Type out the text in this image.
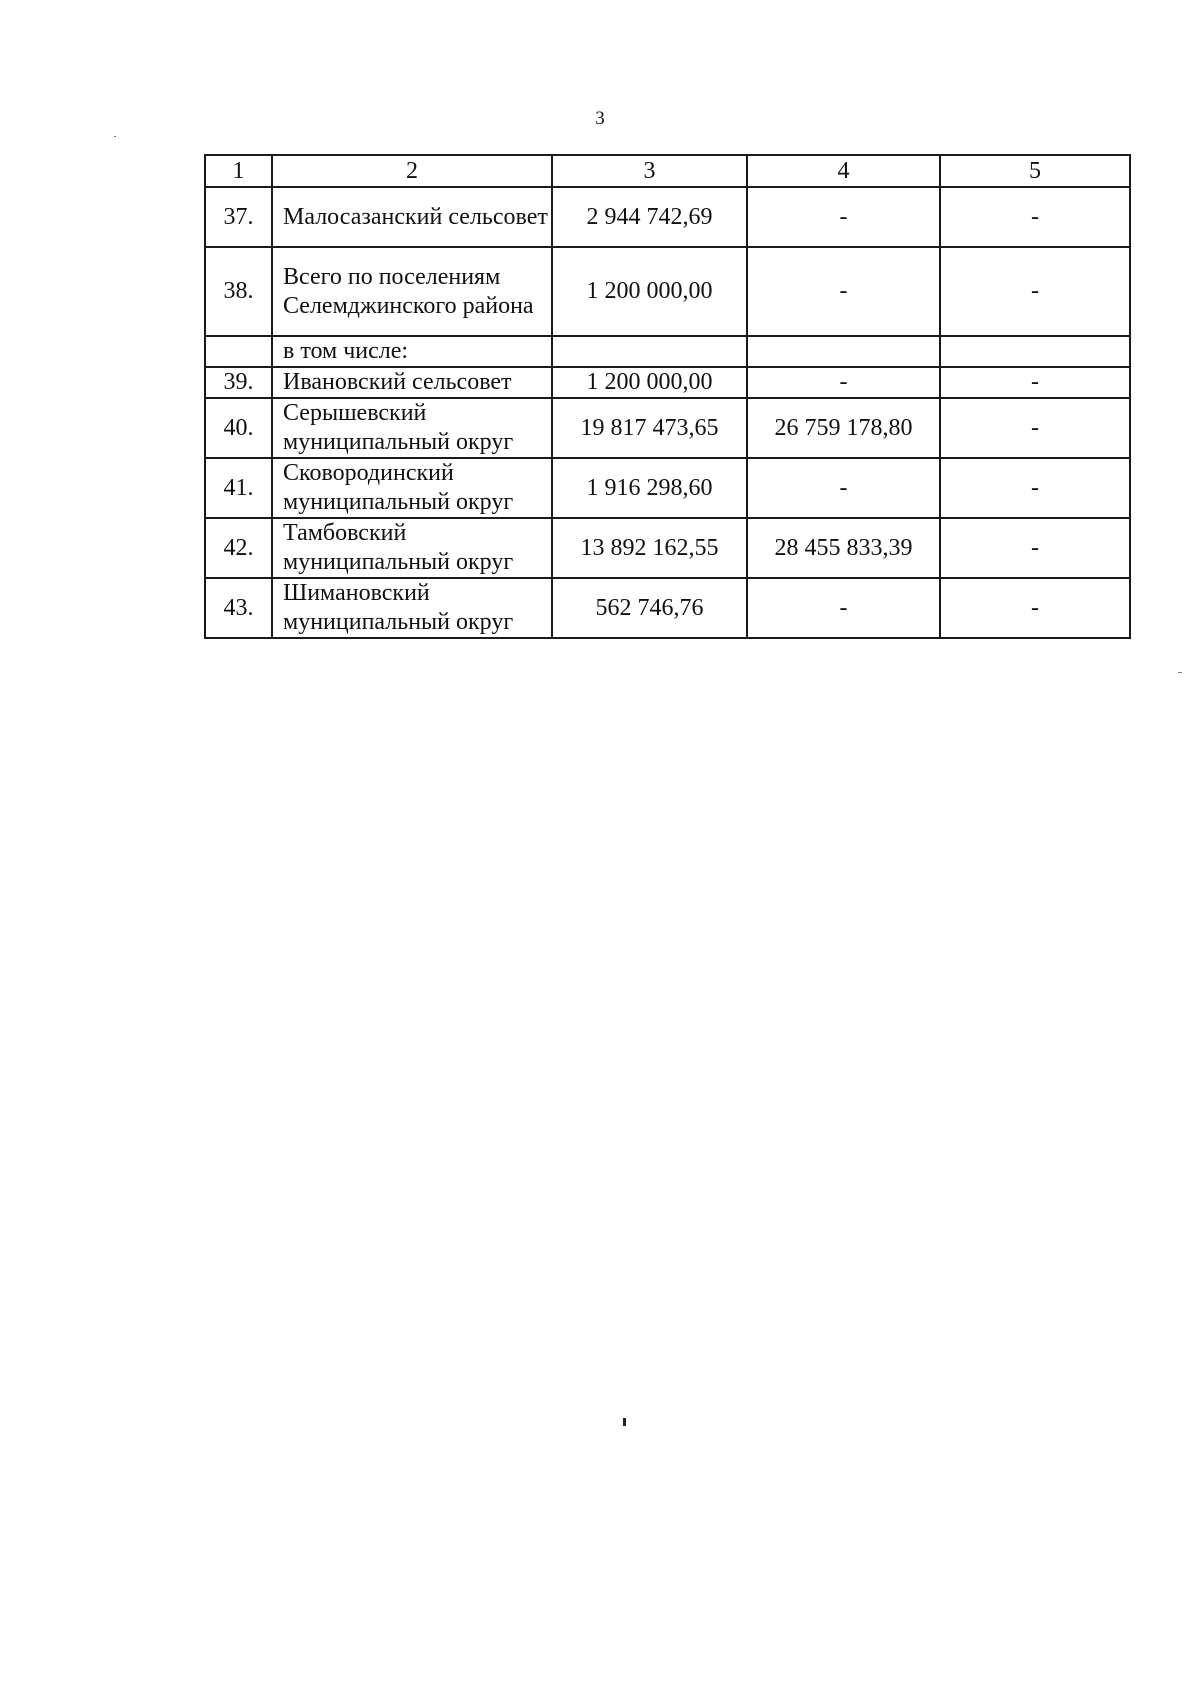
3
1	2	3	4	5
37.	Малосазанский сельсовет	2 944 742,69	-	-
38.	Всего по поселениям Селемджинского района	1 200 000,00	-	-
	в том числе:			
39.	Ивановский сельсовет	1 200 000,00	-	-
40.	Серышевский муниципальный округ	19 817 473,65	26 759 178,80	-
41.	Сковородинский муниципальный округ	1 916 298,60	-	-
42.	Тамбовский муниципальный округ	13 892 162,55	28 455 833,39	-
43.	Шимановский муниципальный округ	562 746,76	-	-
